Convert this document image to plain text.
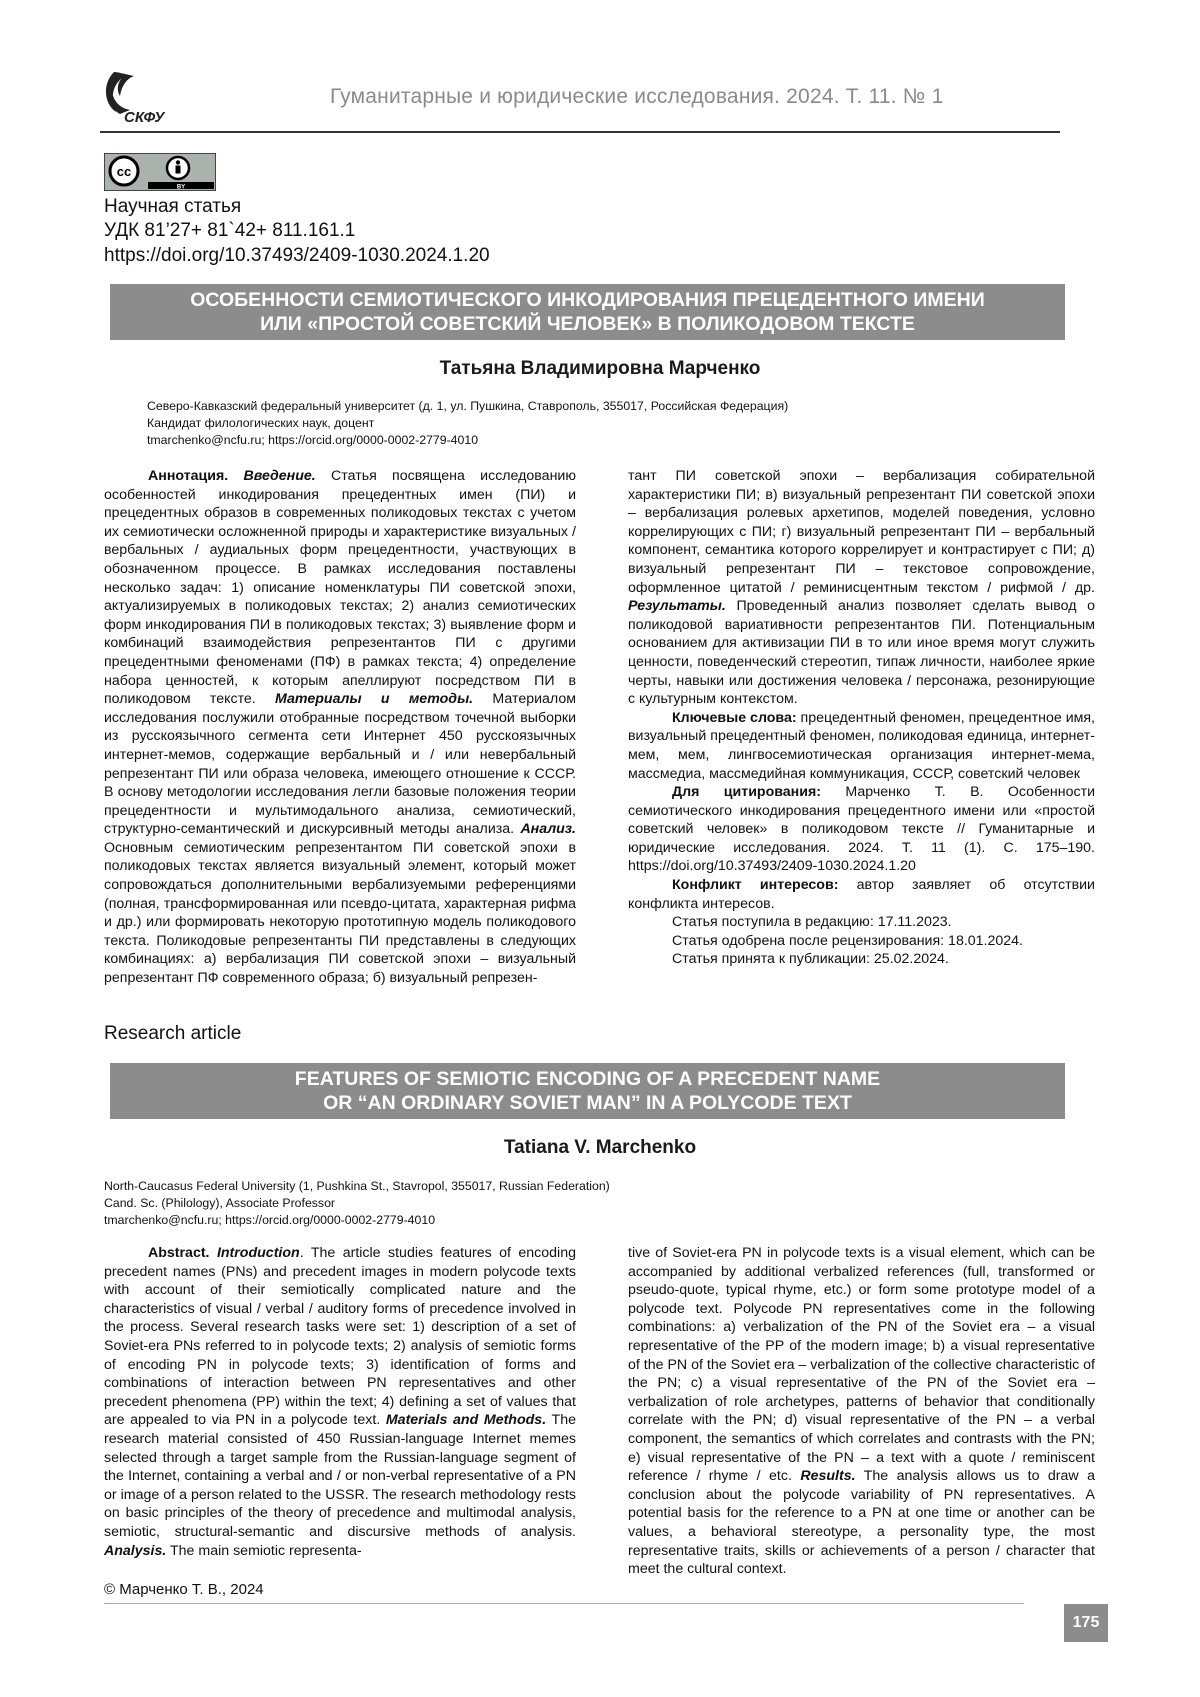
СКФУ
Гуманитарные и юридические исследования. 2024. Т. 11. № 1
cc
BY
Научная статья
УДК 81’27+ 81`42+ 811.161.1
https://doi.org/10.37493/2409-1030.2024.1.20
ОСОБЕННОСТИ СЕМИОТИЧЕСКОГО ИНКОДИРОВАНИЯ ПРЕЦЕДЕНТНОГО ИМЕНИ
ИЛИ «ПРОСТОЙ СОВЕТСКИЙ ЧЕЛОВЕК» В ПОЛИКОДОВОМ ТЕКСТЕ
Татьяна Владимировна Марченко
Северо-Кавказский федеральный университет (д. 1, ул. Пушкина, Ставрополь, 355017, Российская Федерация)
Кандидат филологических наук, доцент
tmarchenko@ncfu.ru; https://orcid.org/0000-0002-2779-4010

Аннотация. Введение. Статья посвящена исследованию особенностей инкодирования прецедентных имен (ПИ) и прецедентных образов в современных поликодовых текстах с учетом их семиотически осложненной природы и характеристике визуальных / вербальных / аудиальных форм прецедентности, участвующих в обозначенном процессе. В рамках исследования поставлены несколько задач: 1) описание номенклатуры ПИ советской эпохи, актуализируемых в поликодовых текстах; 2) анализ семиотических форм инкодирования ПИ в поликодовых текстах; 3) выявление форм и комбинаций взаимодействия репрезентантов ПИ с другими прецедентными феноменами (ПФ) в рамках текста; 4) определение набора ценностей, к которым апеллируют посредством ПИ в поликодовом тексте. Материалы и методы. Материалом исследования послужили отобранные посредством точечной выборки из русскоязычного сегмента сети Интернет 450 русскоязычных интернет-мемов, содержащие вербальный и / или невербальный репрезентант ПИ или образа человека, имеющего отношение к СССР. В основу методологии исследования легли базовые положения теории прецедентности и мультимодального анализа, семиотический, структурно-семантический и дискурсивный методы анализа. Анализ. Основным семиотическим репрезентантом ПИ советской эпохи в поликодовых текстах является визуальный элемент, который может сопровождаться дополнительными вербализуемыми референциями (полная, трансформированная или псевдо-цитата, характерная рифма и др.) или формировать некоторую прототипную модель поликодового текста. Поликодовые репрезентанты ПИ представлены в следующих комбинациях: а) вербализация ПИ советской эпохи – визуальный репрезентант ПФ современного образа; б) визуальный репрезен-

тант ПИ советской эпохи – вербализация собирательной характеристики ПИ; в) визуальный репрезентант ПИ советской эпохи – вербализация ролевых архетипов, моделей поведения, условно коррелирующих с ПИ; г) визуальный репрезентант ПИ – вербальный компонент, семантика которого коррелирует и контрастирует с ПИ; д) визуальный репрезентант ПИ – текстовое сопровождение, оформленное цитатой / реминисцентным текстом / рифмой / др. Результаты. Проведенный анализ позволяет сделать вывод о поликодовой вариативности репрезентантов ПИ. Потенциальным основанием для активизации ПИ в то или иное время могут служить ценности, поведенческий стереотип, типаж личности, наиболее яркие черты, навыки или достижения человека / персонажа, резонирующие с культурным контекстом.

Ключевые слова: прецедентный феномен, прецедентное имя, визуальный прецедентный феномен, поликодовая единица, интернет-мем, мем, лингвосемиотическая организация интернет-мема, массмедиа, массмедийная коммуникация, СССР, советский человек

Для цитирования: Марченко Т. В. Особенности семиотического инкодирования прецедентного имени или «простой советский человек» в поликодовом тексте // Гуманитарные и юридические исследования. 2024. Т. 11 (1). С. 175–190. https://doi.org/10.37493/2409-1030.2024.1.20

Конфликт интересов: автор заявляет об отсутствии конфликта интересов.

Статья поступила в редакцию: 17.11.2023.

Статья одобрена после рецензирования: 18.01.2024.

Статья принята к публикации: 25.02.2024.

Research article
FEATURES OF SEMIOTIC ENCODING OF A PRECEDENT NAME
OR “AN ORDINARY SOVIET MAN” IN A POLYCODE TEXT
Tatiana V. Marchenko
North-Caucasus Federal University (1, Pushkina St., Stavropol, 355017, Russian Federation)
Cand. Sc. (Philology), Associate Professor
tmarchenko@ncfu.ru; https://orcid.org/0000-0002-2779-4010

Abstract. Introduction. The article studies features of encoding precedent names (PNs) and precedent images in modern polycode texts with account of their semiotically complicated nature and the characteristics of visual / verbal / auditory forms of precedence involved in the process. Several research tasks were set: 1) description of a set of Soviet-era PNs referred to in polycode texts; 2) analysis of semiotic forms of encoding PN in polycode texts; 3) identification of forms and combinations of interaction between PN representatives and other precedent phenomena (PP) within the text; 4) defining a set of values that are appealed to via PN in a polycode text. Materials and Methods. The research material consisted of 450 Russian-language Internet memes selected through a target sample from the Russian-language segment of the Internet, containing a verbal and / or non-verbal representative of a PN or image of a person related to the USSR. The research methodology rests on basic principles of the theory of precedence and multimodal analysis, semiotic, structural-semantic and discursive methods of analysis. Analysis. The main semiotic representa-

tive of Soviet-era PN in polycode texts is a visual element, which can be accompanied by additional verbalized references (full, transformed or pseudo-quote, typical rhyme, etc.) or form some prototype model of a polycode text. Polycode PN representatives come in the following combinations: a) verbalization of the PN of the Soviet era – a visual representative of the PP of the modern image; b) a visual representative of the PN of the Soviet era – verbalization of the collective characteristic of the PN; c) a visual representative of the PN of the Soviet era – verbalization of role archetypes, patterns of behavior that conditionally correlate with the PN; d) visual representative of the PN – a verbal component, the semantics of which correlates and contrasts with the PN; e) visual representative of the PN – a text with a quote / reminiscent reference / rhyme / etc. Results. The analysis allows us to draw a conclusion about the polycode variability of PN representatives. A potential basis for the reference to a PN at one time or another can be values, a behavioral stereotype, a personality type, the most representative traits, skills or achievements of a person / character that meet the cultural context.

© Марченко Т. В., 2024
175
